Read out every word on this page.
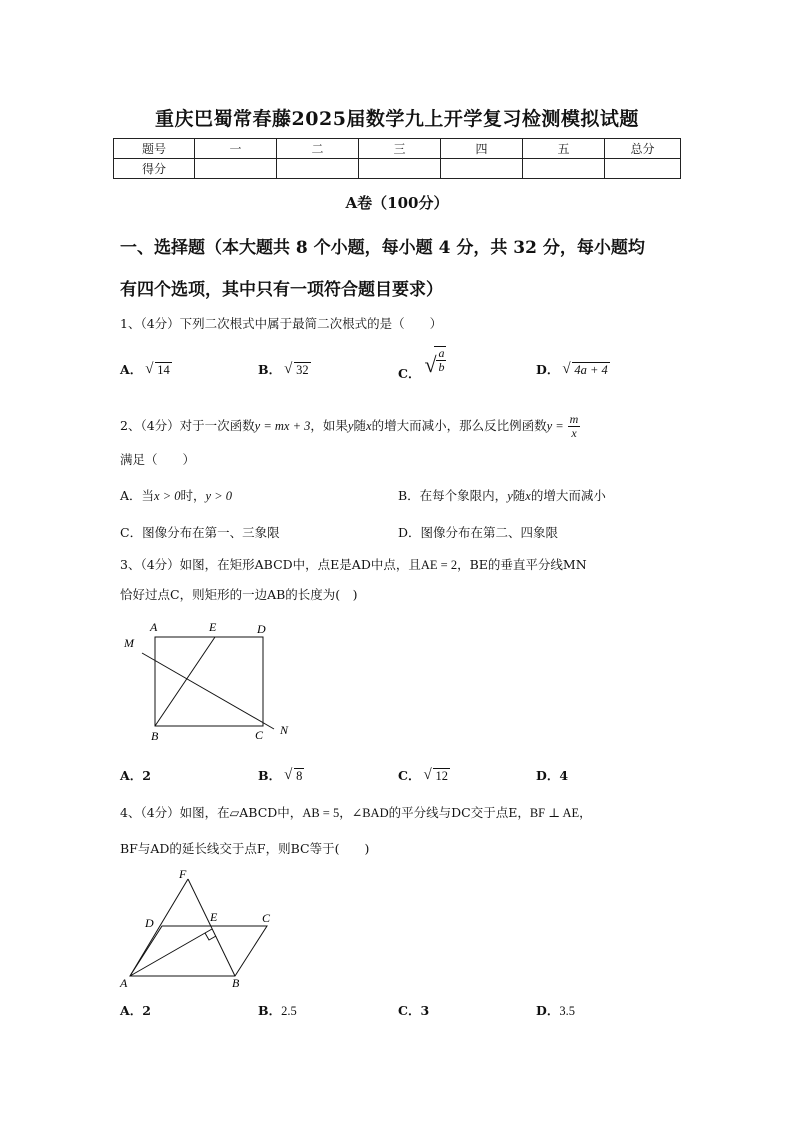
重庆巴蜀常春藤2025届数学九上开学复习检测模拟试题
题号	一	二	三	四	五	总分
得分						
A卷（100分）
一、选择题（本大题共 8 个小题，每小题 4 分，共 32 分，每小题均
有四个选项，其中只有一项符合题目要求）
1、（4分）下列二次根式中属于最简二次根式的是（　　）
A． √ 14	B． √ 32	C． √
$\frac{a}{b}$	D． √ 4a + 4
2、（4分）对于一次函数y = mx + 3，如果y随x的增大而减小，那么反比例函数$y = \frac{m}{x}$
满足（　　）
A．当x > 0时，y > 0	B．在每个象限内，y随x的增大而减小
C．图像分布在第一、三象限	D．图像分布在第二、四象限
3、（4分）如图，在矩形ABCD中，点E是AD中点，且AE = 2，BE的垂直平分线MN
恰好过点C，则矩形的一边AB的长度为(　)
A	E	D
M
B	C N
A．2	B． √ 8	C． √ 12	D．4
4、（4分）如图，在▱ABCD中，AB = 5，∠BAD的平分线与DC交于点E，BF ⊥ AE，
BF与AD的延长线交于点F，则BC等于(　　)
F
D	E	C
A	B
A．2	B．2.5	C．3	D．3.5
